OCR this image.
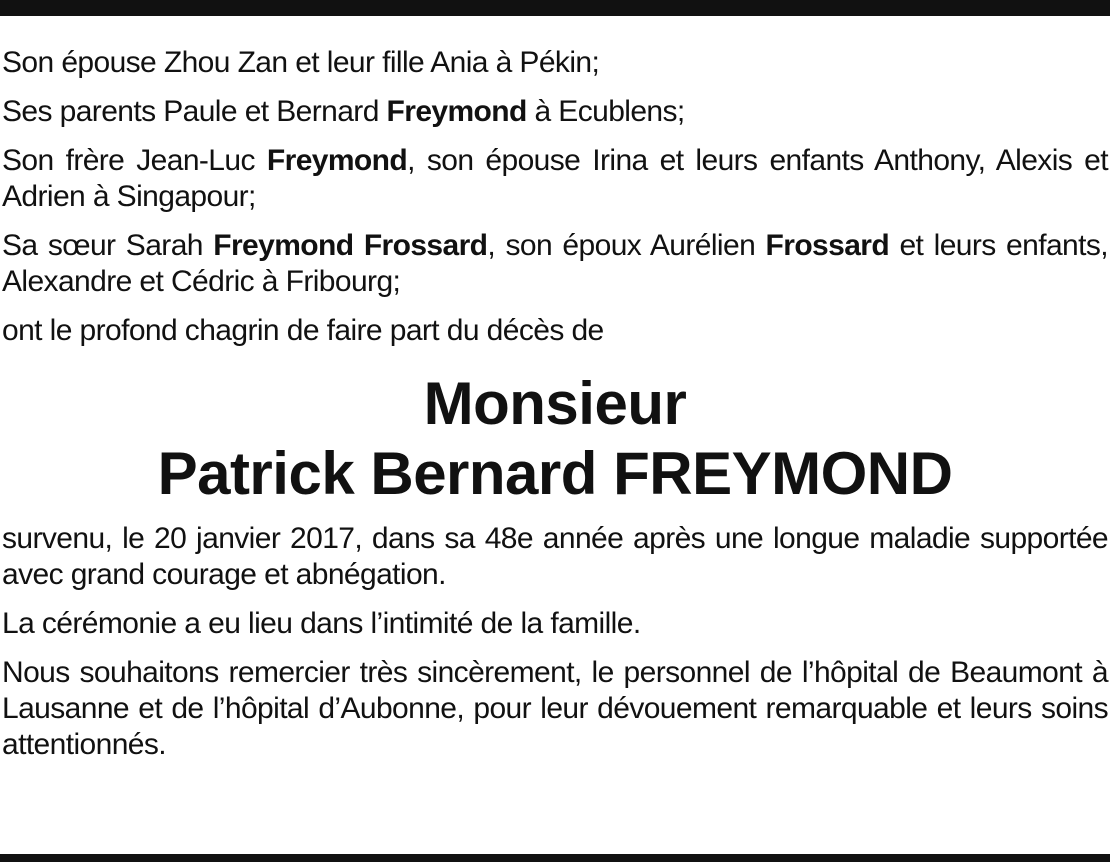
Son épouse Zhou Zan et leur fille Ania à Pékin;

Ses parents Paule et Bernard Freymond à Ecublens;

Son frère Jean-Luc Freymond, son épouse Irina et leurs enfants Anthony, Alexis et Adrien à Singapour;

Sa sœur Sarah Freymond Frossard, son époux Aurélien Frossard et leurs enfants, Alexandre et Cédric à Fribourg;

ont le profond chagrin de faire part du décès de

Monsieur
Patrick Bernard FREYMOND

survenu, le 20 janvier 2017, dans sa 48e année après une longue maladie supportée avec grand courage et abnégation.

La cérémonie a eu lieu dans l’intimité de la famille.

Nous souhaitons remercier très sincèrement, le personnel de l’hôpital de Beaumont à Lausanne et de l’hôpital d’Aubonne, pour leur dévouement remarquable et leurs soins attentionnés.
